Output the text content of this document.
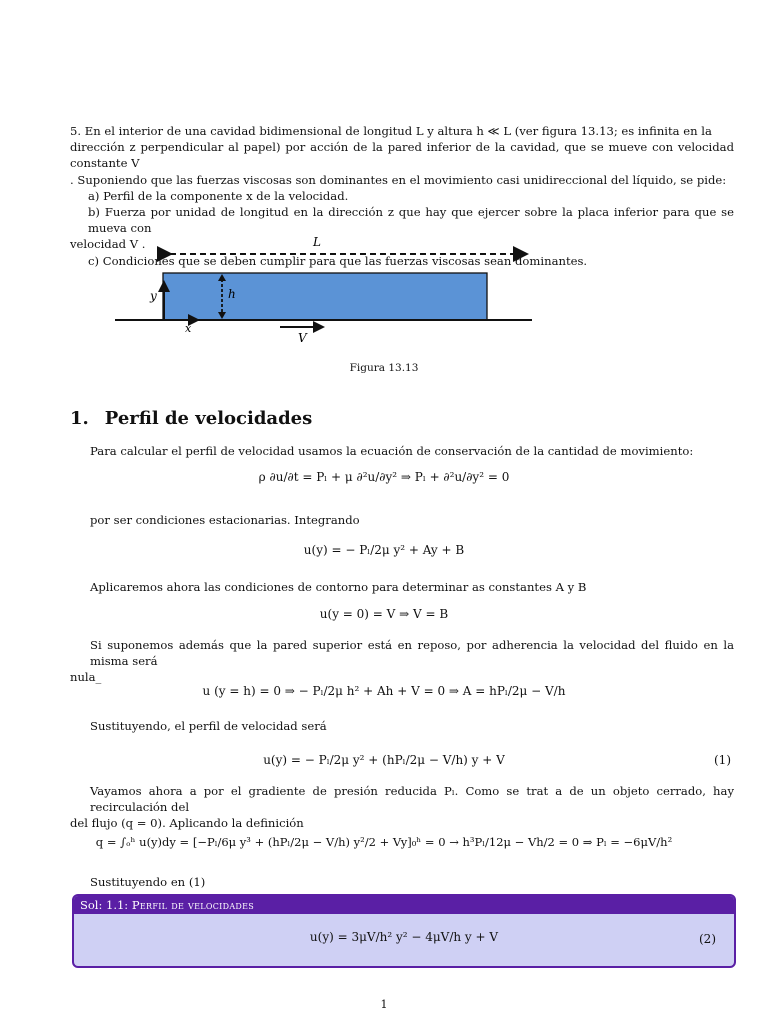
5. En el interior de una cavidad bidimensional de longitud L y altura h ≪ L (ver figura 13.13; es infinita en la
dirección z perpendicular al papel) por acción de la pared inferior de la cavidad, que se mueve con velocidad constante V
. Suponiendo que las fuerzas viscosas son dominantes en el movimiento casi unidireccional del líquido, se pide:
a) Perfil de la componente x de la velocidad.
b) Fuerza por unidad de longitud en la dirección z que hay que ejercer sobre la placa inferior para que se mueva con
velocidad V .
c) Condiciones que se deben cumplir para que las fuerzas viscosas sean dominantes.
L
y
x
h
V
Figura 13.13
1. Perfil de velocidades
Para calcular el perfil de velocidad usamos la ecuación de conservación de la cantidad de movimiento:
ρ ∂u/∂t = Pₗ + μ ∂²u/∂y² ⇒ Pₗ + ∂²u/∂y² = 0
por ser condiciones estacionarias. Integrando
u(y) = − Pₗ/2μ y² + Ay + B
Aplicaremos ahora las condiciones de contorno para determinar as constantes A y B
u(y = 0) = V ⇒ V = B
Si suponemos además que la pared superior está en reposo, por adherencia la velocidad del fluido en la misma será
nula_
u (y = h) = 0 ⇒ − Pₗ/2μ h² + Ah + V = 0 ⇒ A = hPₗ/2μ − V/h
Sustituyendo, el perfil de velocidad será
u(y) = − Pₗ/2μ y² + (hPₗ/2μ − V/h) y + V	(1)
Vayamos ahora a por el gradiente de presión reducida Pₗ. Como se trat a de un objeto cerrado, hay recirculación del
del flujo (q = 0). Aplicando la definición
q = ∫ₒʰ u(y)dy = [−Pₗ/6μ y³ + (hPₗ/2μ − V/h) y²/2 + Vy]₀ʰ = 0 → h³Pₗ/12μ − Vh/2 = 0 ⇒ Pₗ = −6μV/h²
Sustituyendo en (1)
Sol: 1.1: Perfil de velocidades
u(y) = 3μV/h² y² − 4μV/h y + V	(2)
1
